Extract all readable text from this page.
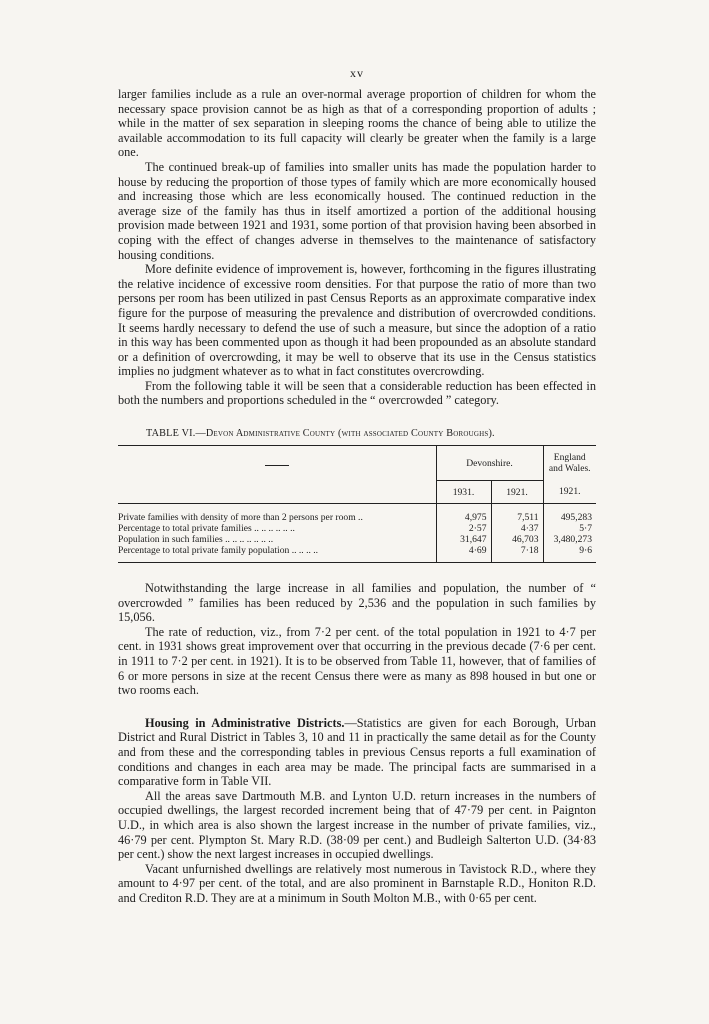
xv

larger families include as a rule an over-normal average proportion of children for whom the necessary space provision cannot be as high as that of a corresponding proportion of adults ; while in the matter of sex separation in sleeping rooms the chance of being able to utilize the available accommodation to its full capacity will clearly be greater when the family is a large one.

The continued break-up of families into smaller units has made the population harder to house by reducing the proportion of those types of family which are more economically housed and increasing those which are less economically housed. The continued reduction in the average size of the family has thus in itself amortized a portion of the additional housing provision made between 1921 and 1931, some portion of that provision having been absorbed in coping with the effect of changes adverse in themselves to the maintenance of satisfactory housing conditions.

More definite evidence of improvement is, however, forthcoming in the figures illustrating the relative incidence of excessive room densities. For that purpose the ratio of more than two persons per room has been utilized in past Census Reports as an approximate comparative index figure for the purpose of measuring the prevalence and distribution of overcrowded conditions. It seems hardly necessary to defend the use of such a measure, but since the adoption of a ratio in this way has been commented upon as though it had been propounded as an absolute standard or a definition of overcrowding, it may be well to observe that its use in the Census statistics implies no judgment whatever as to what in fact constitutes overcrowding.

From the following table it will be seen that a considerable reduction has been effected in both the numbers and proportions scheduled in the “ overcrowded ” category.

TABLE VI.—Devon Administrative County (with associated County Boroughs).
	Devonshire.		England
and Wales.
	1931.	1921.	1921.

Private families with density of more than 2 persons per room ..	4,975	7,511	495,283
Percentage to total private families .. .. .. .. .. ..	2·57	4·37	5·7
Population in such families .. .. .. .. .. .. ..	31,647	46,703	3,480,273
Percentage to total private family population .. .. .. ..	4·69	7·18	9·6

Notwithstanding the large increase in all families and population, the number of “ overcrowded ” families has been reduced by 2,536 and the population in such families by 15,056.

The rate of reduction, viz., from 7·2 per cent. of the total population in 1921 to 4·7 per cent. in 1931 shows great improvement over that occurring in the previous decade (7·6 per cent. in 1911 to 7·2 per cent. in 1921). It is to be observed from Table 11, however, that of families of 6 or more persons in size at the recent Census there were as many as 898 housed in but one or two rooms each.

Housing in Administrative Districts.—Statistics are given for each Borough, Urban District and Rural District in Tables 3, 10 and 11 in practically the same detail as for the County and from these and the corresponding tables in previous Census reports a full examination of conditions and changes in each area may be made. The principal facts are summarised in a comparative form in Table VII.

All the areas save Dartmouth M.B. and Lynton U.D. return increases in the numbers of occupied dwellings, the largest recorded increment being that of 47·79 per cent. in Paignton U.D., in which area is also shown the largest increase in the number of private families, viz., 46·79 per cent. Plympton St. Mary R.D. (38·09 per cent.) and Budleigh Salterton U.D. (34·83 per cent.) show the next largest increases in occupied dwellings.

Vacant unfurnished dwellings are relatively most numerous in Tavistock R.D., where they amount to 4·97 per cent. of the total, and are also prominent in Barnstaple R.D., Honiton R.D. and Crediton R.D. They are at a minimum in South Molton M.B., with 0·65 per cent.
